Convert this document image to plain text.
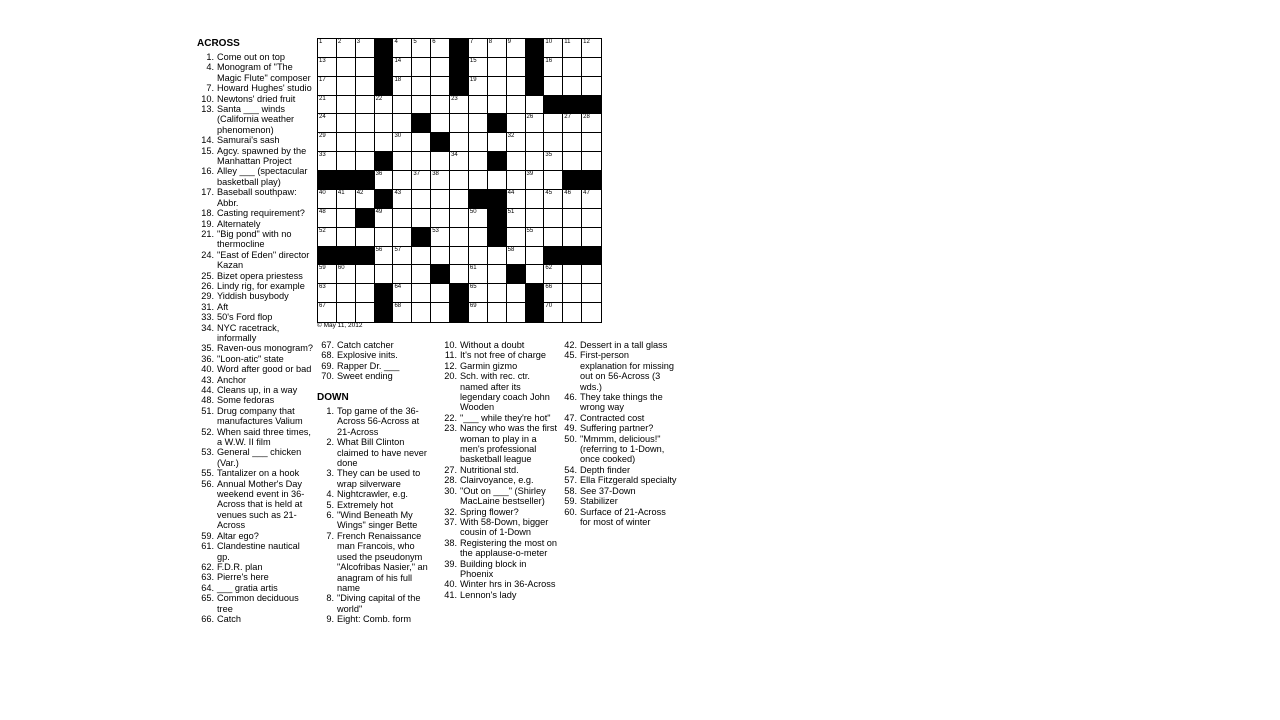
ACROSS
1. Come out on top
4. Monogram of "The Magic Flute" composer
7. Howard Hughes' studio
10. Newtons' dried fruit
13. Santa ___ winds (California weather phenomenon)
14. Samurai's sash
15. Agcy. spawned by the Manhattan Project
16. Alley ___ (spectacular basketball play)
17. Baseball southpaw: Abbr.
18. Casting requirement?
19. Alternately
21. "Big pond" with no thermocline
24. "East of Eden" director Kazan
25. Bizet opera priestess
26. Lindy rig, for example
29. Yiddish busybody
31. Aft
33. 50's Ford flop
34. NYC racetrack, informally
35. Raven-ous monogram?
36. "Loon-atic" state
40. Word after good or bad
43. Anchor
44. Cleans up, in a way
48. Some fedoras
51. Drug company that manufactures Valium
52. When said three times, a W.W. II film
53. General ___ chicken (Var.)
55. Tantalizer on a hook
56. Annual Mother's Day weekend event in 36-Across that is held at venues such as 21-Across
59. Altar ego?
61. Clandestine nautical gp.
62. F.D.R. plan
63. Pierre's here
64. ___ gratia artis
65. Common deciduous tree
66. Catch
67. Catch catcher
68. Explosive inits.
69. Rapper Dr. ___
70. Sweet ending
DOWN
1. Top game of the 36-Across 56-Across at 21-Across
2. What Bill Clinton claimed to have never done
3. They can be used to wrap silverware
4. Nightcrawler, e.g.
5. Extremely hot
6. "Wind Beneath My Wings" singer Bette
7. French Renaissance man Francois, who used the pseudonym "Alcofribas Nasier," an anagram of his full name
8. "Diving capital of the world"
9. Eight: Comb. form
10. Without a doubt
11. It's not free of charge
12. Garmin gizmo
20. Sch. with rec. ctr. named after its legendary coach John Wooden
22. "___ while they're hot"
23. Nancy who was the first woman to play in a men's professional basketball league
27. Nutritional std.
28. Clairvoyance, e.g.
30. "Out on ___" (Shirley MacLaine bestseller)
32. Spring flower?
37. With 58-Down, bigger cousin of 1-Down
38. Registering the most on the applause-o-meter
39. Building block in Phoenix
40. Winter hrs in 36-Across
41. Lennon's lady
42. Dessert in a tall glass
45. First-person explanation for missing out on 56-Across (3 wds.)
46. They take things the wrong way
47. Contracted cost
49. Suffering partner?
50. "Mmmm, delicious!" (referring to 1-Down, once cooked)
54. Depth finder
57. Ella Fitzgerald specialty
58. See 37-Down
59. Stabilizer
60. Surface of 21-Across for most of winter
1	2	3	4	5	6	7	8	9	10 11 12
13	14	15	16
17	18	19
21	22	23
24	26	27 28
29	30	32
33	34	35
36	37 38	39
40 41 42	43	44	45 46 47
48	49	50	51
52	53	55
56 57	58
59 60	61	62
63	64	65	66
67	68	69	70
© May 11, 2012
